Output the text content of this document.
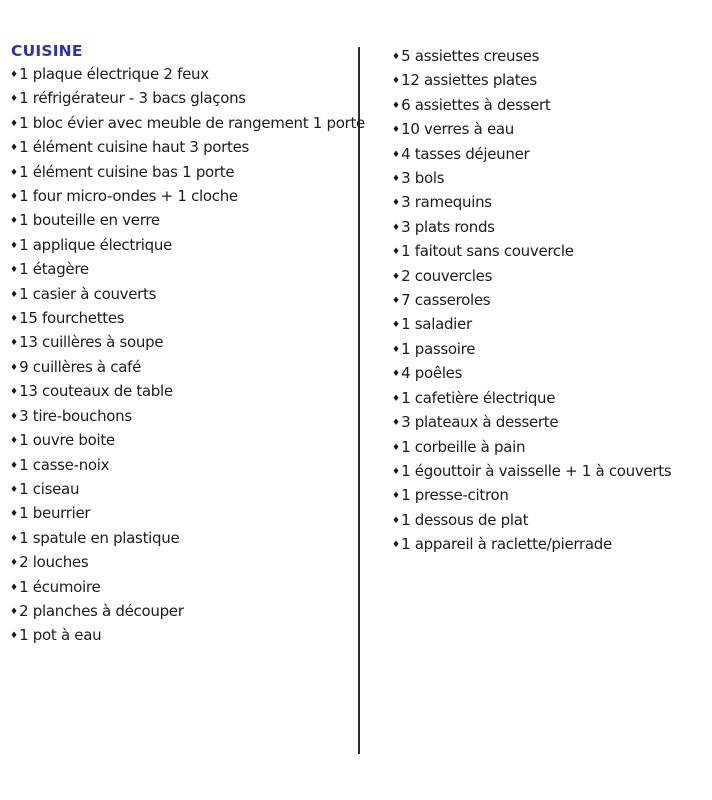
CUISINE
♦1 plaque électrique 2 feux
♦1 réfrigérateur - 3 bacs glaçons
♦1 bloc évier avec meuble de rangement 1 porte
♦1 élément cuisine haut 3 portes
♦1 élément cuisine bas 1 porte
♦1 four micro-ondes + 1 cloche
♦1 bouteille en verre
♦1 applique électrique
♦1 étagère
♦1 casier à couverts
♦15 fourchettes
♦13 cuillères à soupe
♦9 cuillères à café
♦13 couteaux de table
♦3 tire-bouchons
♦1 ouvre boite
♦1 casse-noix
♦1 ciseau
♦1 beurrier
♦1 spatule en plastique
♦2 louches
♦1 écumoire
♦2 planches à découper
♦1 pot à eau
♦5 assiettes creuses
♦12 assiettes plates
♦6 assiettes à dessert
♦10 verres à eau
♦4 tasses déjeuner
♦3 bols
♦3 ramequins
♦3 plats ronds
♦1 faitout sans couvercle
♦2 couvercles
♦7 casseroles
♦1 saladier
♦1 passoire
♦4 poêles
♦1 cafetière électrique
♦3 plateaux à desserte
♦1 corbeille à pain
♦1 égouttoir à vaisselle + 1 à couverts
♦1 presse-citron
♦1 dessous de plat
♦1 appareil à raclette/pierrade
